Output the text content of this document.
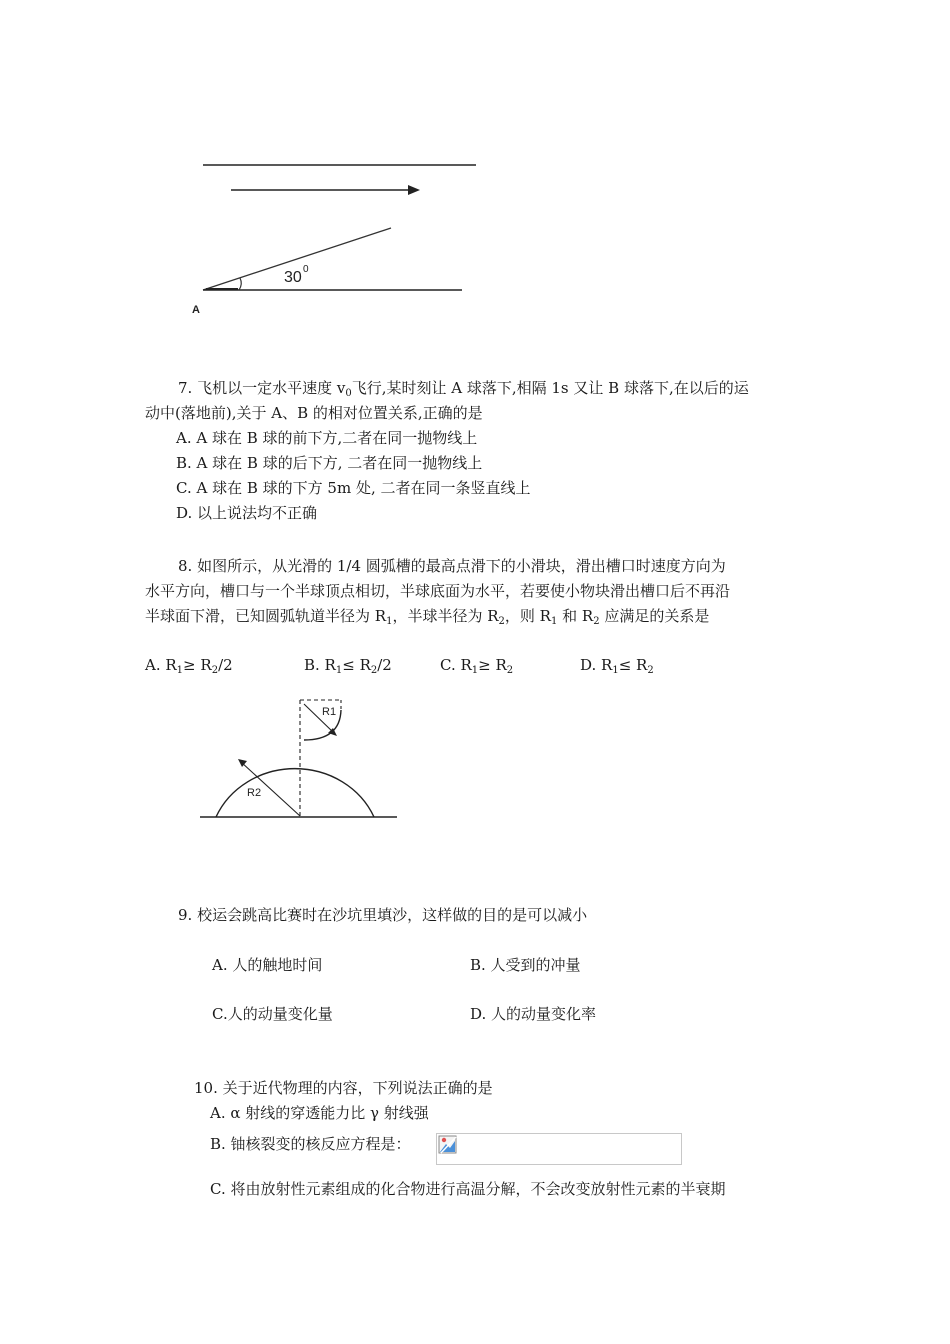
30 0
A
7. 飞机以一定水平速度 $v_0$飞行,某时刻让 A 球落下,相隔 1s 又让 B 球落下,在以后的运
动中(落地前),关于 A、B 的相对位置关系,正确的是
A. A 球在 B 球的前下方,二者在同一抛物线上
B. A 球在 B 球的后下方, 二者在同一抛物线上
C. A 球在 B 球的下方 5m 处, 二者在同一条竖直线上
D. 以上说法均不正确
8. 如图所示，从光滑的 1/4 圆弧槽的最高点滑下的小滑块，滑出槽口时速度方向为
水平方向，槽口与一个半球顶点相切，半球底面为水平，若要使小物块滑出槽口后不再沿
半球面下滑，已知圆弧轨道半径为 $R_1$，半球半径为 $R_2$，则 $R_1$ 和 $R_2$ 应满足的关系是
A. $R_1\ge R_2/2$	B. $R_1\le R_2/2$	C. $R_1\ge R_2$	D. $R_1\le R_2$
R1
R2
9. 校运会跳高比赛时在沙坑里填沙，这样做的目的是可以减小
A. 人的触地时间	B. 人受到的冲量
C.人的动量变化量	D. 人的动量变化率
10. 关于近代物理的内容，下列说法正确的是
A. α 射线的穿透能力比 γ 射线强
B. 铀核裂变的核反应方程是：
C. 将由放射性元素组成的化合物进行高温分解，不会改变放射性元素的半衰期
